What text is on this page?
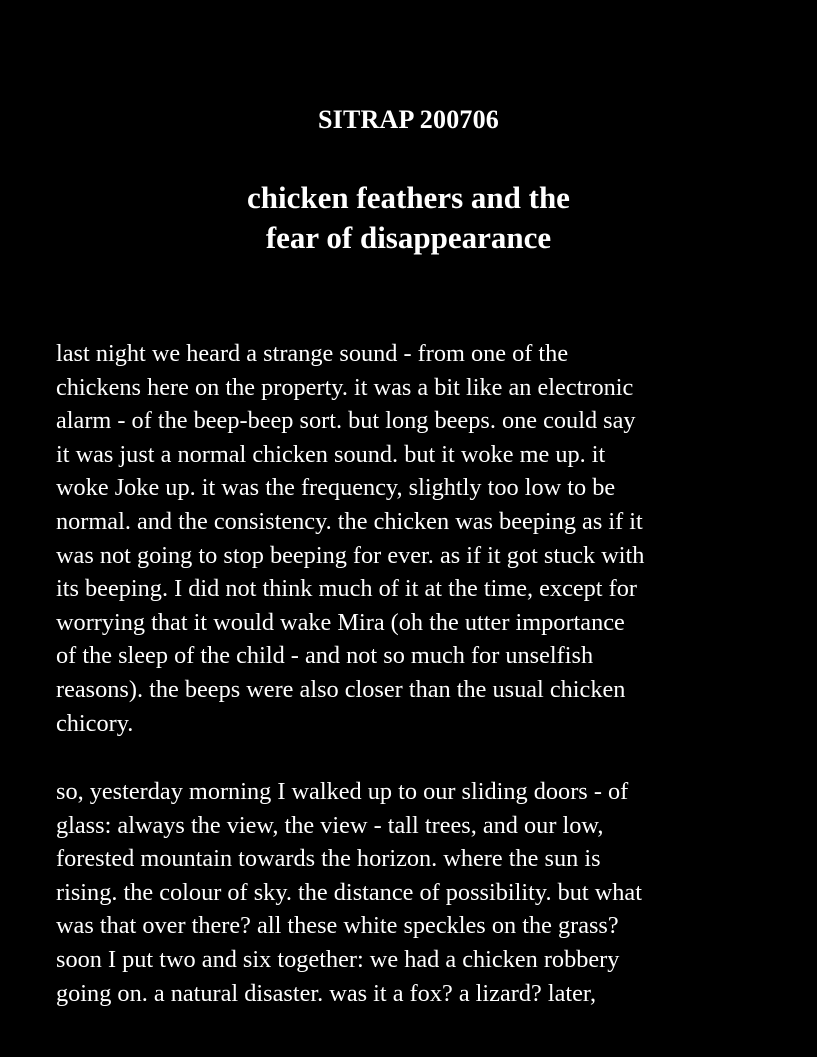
SITRAP 200706
chicken feathers and the
fear of disappearance

last night we heard a strange sound - from one of the
chickens here on the property. it was a bit like an electronic
alarm - of the beep-beep sort. but long beeps. one could say
it was just a normal chicken sound. but it woke me up. it
woke Joke up. it was the frequency, slightly too low to be
normal. and the consistency. the chicken was beeping as if it
was not going to stop beeping for ever. as if it got stuck with
its beeping. I did not think much of it at the time, except for
worrying that it would wake Mira (oh the utter importance
of the sleep of the child - and not so much for unselfish
reasons). the beeps were also closer than the usual chicken
chicory.

so, yesterday morning I walked up to our sliding doors - of
glass: always the view, the view - tall trees, and our low,
forested mountain towards the horizon. where the sun is
rising. the colour of sky. the distance of possibility. but what
was that over there? all these white speckles on the grass?
soon I put two and six together: we had a chicken robbery
going on. a natural disaster. was it a fox? a lizard? later,
